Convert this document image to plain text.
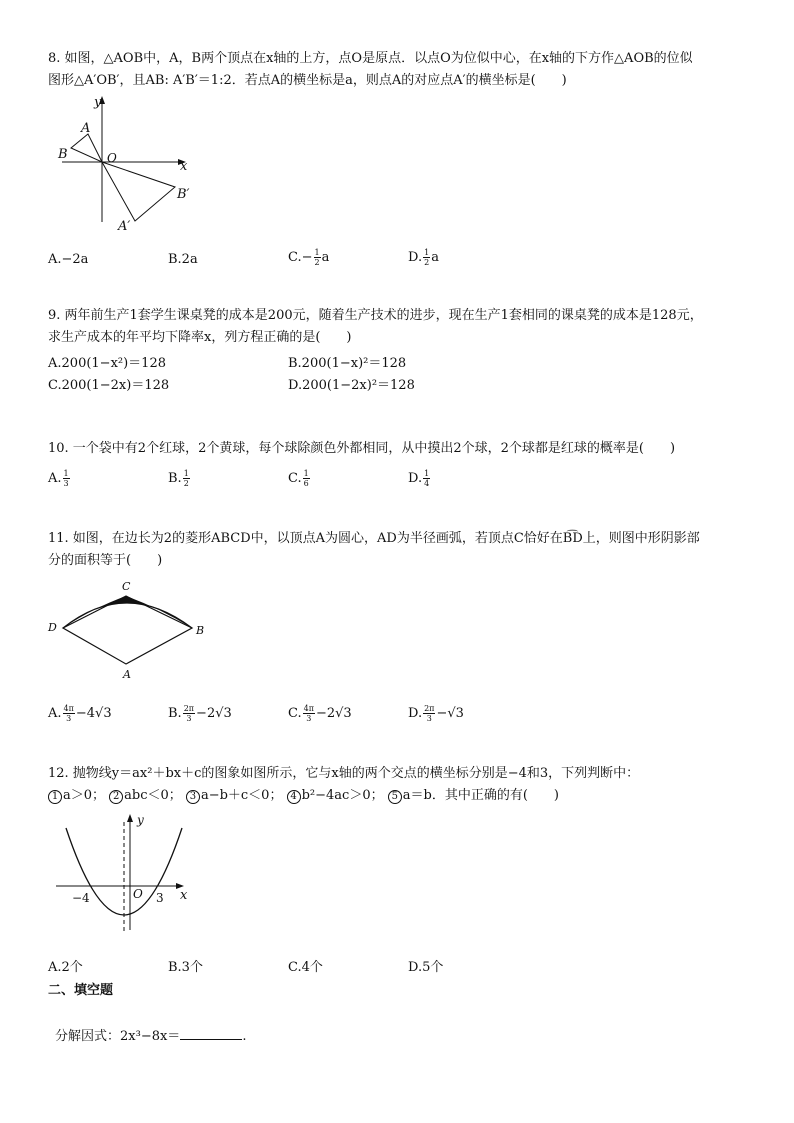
8. 如图，△AOB中，A，B两个顶点在x轴的上方，点O是原点．以点O为位似中心，在x轴的下方作△AOB的位似
图形△A′OB′，且AB: A′B′＝1:2．若点A的横坐标是a，则点A的对应点A′的横坐标是(　　)
y
x
A
B	O
B′
A′
A.−2a	B.2a	$C.- \frac{1}{2}$ a	D. $\frac{1}{2}$ a
9. 两年前生产1套学生课桌凳的成本是200元，随着生产技术的进步，现在生产1套相同的课桌凳的成本是128元，
求生产成本的年平均下降率x，列方程正确的是(　　)
A.200(1−x²)＝128	B.200(1−x)²＝128
C.200(1−2x)＝128	D.200(1−2x)²＝128
10. 一个袋中有2个红球，2个黄球，每个球除颜色外都相同，从中摸出2个球，2个球都是红球的概率是(　　)
A. $\frac{1}{3}$	B. $\frac{1}{2}$	C. $\frac{1}{6}$	D. $\frac{1}{4}$
11. 如图，在边长为2的菱形ABCD中，以顶点A为圆心，AD为半径画弧，若顶点C恰好在B͡D上，则图中形阴影部
分的面积等于(　　)
C
D	B
A
A. $\frac{4\pi}{3} -4√3$	B. $\frac{2\pi}{3} -2√3$	C. $\frac{4\pi}{3} -2√3$	D. $\frac{2\pi}{3} -√3$
12. 抛物线y＝ax²＋bx＋c的图象如图所示，它与x轴的两个交点的横坐标分别是−4和3，下列判断中：
1 a＞0； 2 abc＜0； 3 a−b＋c＜0； 4 b²−4ac＞0； 5 a＝b．其中正确的有(　　)
y
x
O
−4	3
A.2个	B.3个	C.4个	D.5个
二、填空题
分解因式：2x³−8x＝	.
